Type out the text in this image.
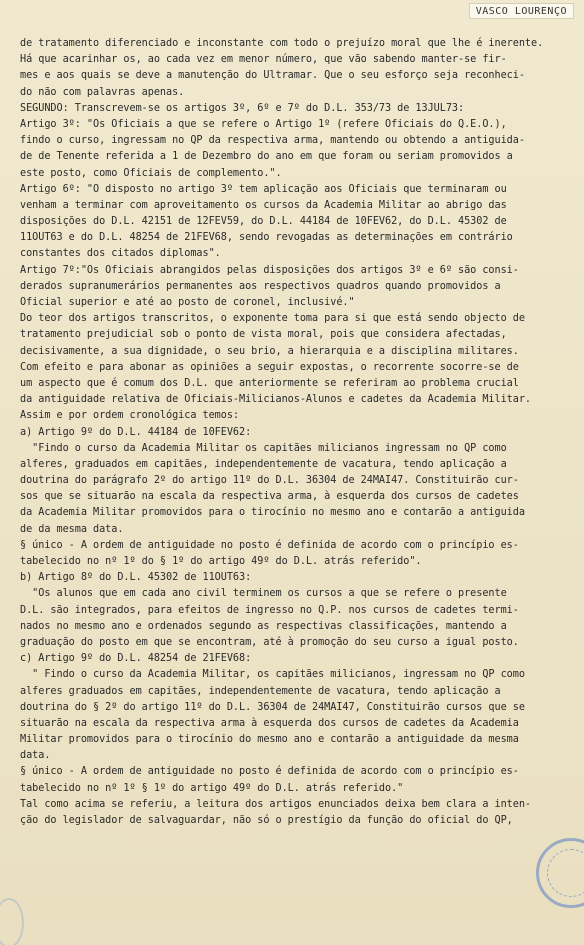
VASCO LOURENÇO
de tratamento diferenciado e inconstante com todo o prejuízo moral que lhe é inerente.
Há que acarinhar os, ao cada vez em menor número, que vão sabendo manter-se fir-
mes e aos quais se deve a manutenção do Ultramar. Que o seu esforço seja reconheci-
do não com palavras apenas.
SEGUNDO: Transcrevem-se os artigos 3º, 6º e 7º do D.L. 353/73 de 13JUL73:
Artigo 3º: "Os Oficiais a que se refere o Artigo 1º (refere Oficiais do Q.E.O.),
findo o curso, ingressam no QP da respectiva arma, mantendo ou obtendo a antiguida-
de de Tenente referida a 1 de Dezembro do ano em que foram ou seriam promovidos a
este posto, como Oficiais de complemento.".
Artigo 6º: "O disposto no artigo 3º tem aplicação aos Oficiais que terminaram ou
venham a terminar com aproveitamento os cursos da Academia Militar ao abrigo das
disposições do D.L. 42151 de 12FEV59, do D.L. 44184 de 10FEV62, do D.L. 45302 de
11OUT63 e do D.L. 48254 de 21FEV68, sendo revogadas as determinações em contrário
constantes dos citados diplomas".
Artigo 7º:"Os Oficiais abrangidos pelas disposições dos artigos 3º e 6º são consi-
derados supranumerários permanentes aos respectivos quadros quando promovidos a
Oficial superior e até ao posto de coronel, inclusivé."
Do teor dos artigos transcritos, o exponente toma para si que está sendo objecto de
tratamento prejudicial sob o ponto de vista moral, pois que considera afectadas,
decisivamente, a sua dignidade, o seu brio, a hierarquia e a disciplina militares.
Com efeito e para abonar as opiniões a seguir expostas, o recorrente socorre-se de
um aspecto que é comum dos D.L. que anteriormente se referiram ao problema crucial
da antiguidade relativa de Oficiais-Milicianos-Alunos e cadetes da Academia Militar.
Assim e por ordem cronológica temos:
a) Artigo 9º do D.L. 44184 de 10FEV62:
"Findo o curso da Academia Militar os capitães milicianos ingressam no QP como
alferes, graduados em capitães, independentemente de vacatura, tendo aplicação a
doutrina do parágrafo 2º do artigo 11º do D.L. 36304 de 24MAI47. Constituirão cur-
sos que se situarão na escala da respectiva arma, à esquerda dos cursos de cadetes
da Academia Militar promovidos para o tirocínio no mesmo ano e contarão a antiguida
de da mesma data.
§ único - A ordem de antiguidade no posto é definida de acordo com o princípio es-
tabelecido no nº 1º do § 1º do artigo 49º do D.L. atrás referido".
b) Artigo 8º do D.L. 45302 de 11OUT63:
"Os alunos que em cada ano civil terminem os cursos a que se refere o presente
D.L. são integrados, para efeitos de ingresso no Q.P. nos cursos de cadetes termi-
nados no mesmo ano e ordenados segundo as respectivas classificações, mantendo a
graduação do posto em que se encontram, até à promoção do seu curso a igual posto.
c) Artigo 9º do D.L. 48254 de 21FEV68:
" Findo o curso da Academia Militar, os capitães milicianos, ingressam no QP como
alferes graduados em capitães, independentemente de vacatura, tendo aplicação a
doutrina do § 2º do artigo 11º do D.L. 36304 de 24MAI47, Constituirão cursos que se
situarão na escala da respectiva arma à esquerda dos cursos de cadetes da Academia
Militar promovidos para o tirocínio do mesmo ano e contarão a antiguidade da mesma
data.
§ único - A ordem de antiguidade no posto é definida de acordo com o princípio es-
tabelecido no nº 1º § 1º do artigo 49º do D.L. atrás referido."
Tal como acima se referiu, a leitura dos artigos enunciados deixa bem clara a inten-
ção do legislador de salvaguardar, não só o prestígio da função do oficial do QP,
